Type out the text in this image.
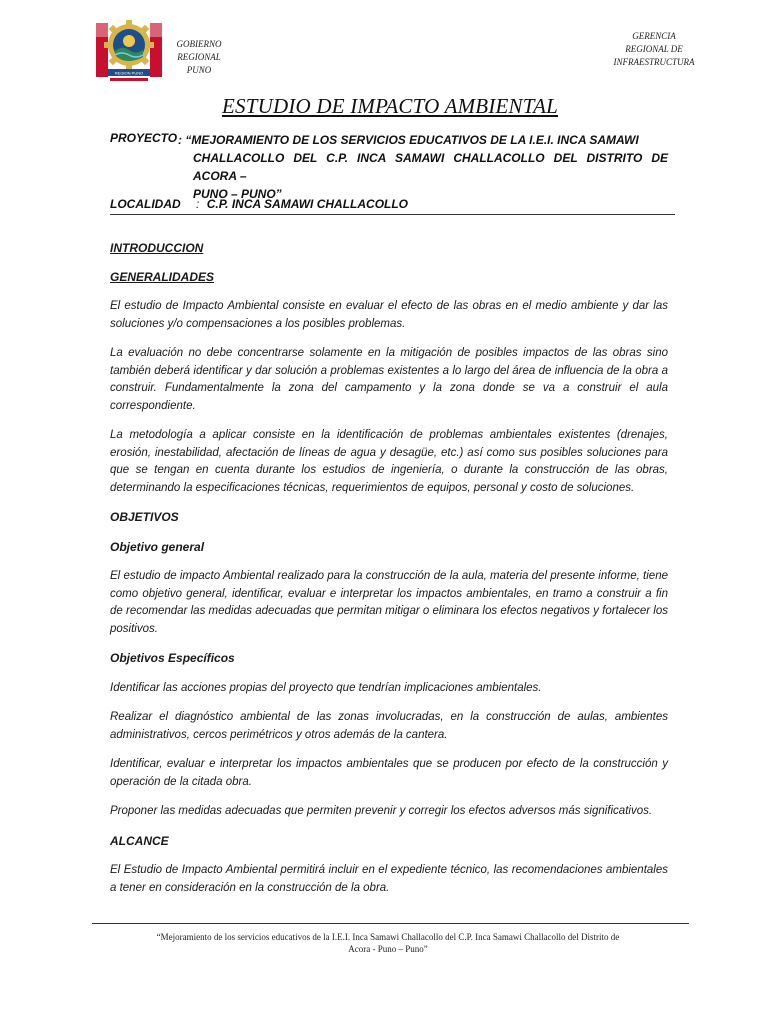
REGION PUNO
GOBIERNO
REGIONAL
PUNO
GERENCIA
REGIONAL DE
INFRAESTRUCTURA
ESTUDIO DE IMPACTO AMBIENTAL
PROYECTO : “MEJORAMIENTO DE LOS SERVICIOS EDUCATIVOS DE LA I.E.I. INCA SAMAWI
CHALLACOLLO DEL C.P. INCA SAMAWI CHALLACOLLO DEL DISTRITO DE ACORA –
PUNO – PUNO”
LOCALIDAD : C.P. INCA SAMAWI CHALLACOLLO
INTRODUCCION
GENERALIDADES

El estudio de Impacto Ambiental consiste en evaluar el efecto de las obras en el medio ambiente y dar las soluciones y/o compensaciones a los posibles problemas.

La evaluación no debe concentrarse solamente en la mitigación de posibles impactos de las obras sino también deberá identificar y dar solución a problemas existentes a lo largo del área de influencia de la obra a construir. Fundamentalmente la zona del campamento y la zona donde se va a construir el aula correspondiente.

La metodología a aplicar consiste en la identificación de problemas ambientales existentes (drenajes, erosión, inestabilidad, afectación de líneas de agua y desagüe, etc.) así como sus posibles soluciones para que se tengan en cuenta durante los estudios de ingeniería, o durante la construcción de las obras, determinando la especificaciones técnicas, requerimientos de equipos, personal y costo de soluciones.

OBJETIVOS
Objetivo general

El estudio de impacto Ambiental realizado para la construcción de la aula, materia del presente informe, tiene como objetivo general, identificar, evaluar e interpretar los impactos ambientales, en tramo a construir a fin de recomendar las medidas adecuadas que permitan mitigar o eliminara los efectos negativos y fortalecer los positivos.

Objetivos Específicos

Identificar las acciones propias del proyecto que tendrían implicaciones ambientales.

Realizar el diagnóstico ambiental de las zonas involucradas, en la construcción de aulas, ambientes administrativos, cercos perimétricos y otros además de la cantera.

Identificar, evaluar e interpretar los impactos ambientales que se producen por efecto de la construcción y operación de la citada obra.

Proponer las medidas adecuadas que permiten prevenir y corregir los efectos adversos más significativos.

ALCANCE

El Estudio de Impacto Ambiental permitirá incluir en el expediente técnico, las recomendaciones ambientales a tener en consideración en la construcción de la obra.

“Mejoramiento de los servicios educativos de la I.E.I. Inca Samawi Challacollo del C.P. Inca Samawi Challacollo del Distrito de
Acora - Puno – Puno”
